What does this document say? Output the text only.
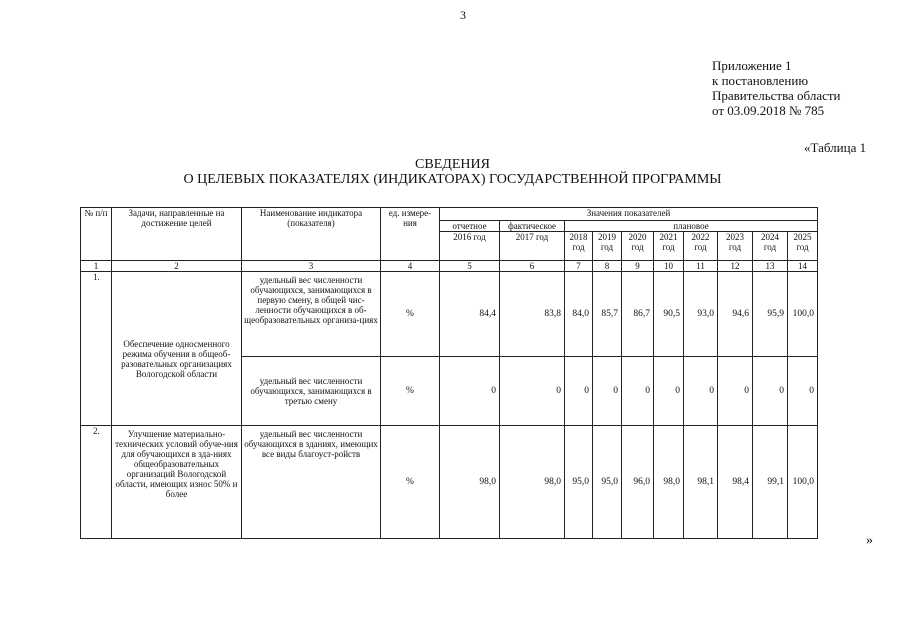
3
Приложение 1
к постановлению
Правительства области
от 03.09.2018 № 785
«Таблица 1
СВЕДЕНИЯ
О ЦЕЛЕВЫХ ПОКАЗАТЕЛЯХ (ИНДИКАТОРАХ) ГОСУДАРСТВЕННОЙ ПРОГРАММЫ
№ п/п	Задачи, направленные на достижение целей	Наименование индикатора (показателя)	ед. измере-ния	Значения показателей									
				отчетное	фактическое	плановое							
				2016 год	2017 год	2018 год	2019 год	2020 год	2021 год	2022 год	2023 год	2024 год	2025 год
1	2	3	4	5	6	7	8	9	10	11	12	13	14
1.	Обеспечение односменного режима обучения в общеоб-разовательных организациях Вологодской области	удельный вес численности обучающихся, занимающихся в первую смену, в общей чис-ленности обучающихся в об-щеобразовательных организа-циях	%	84,4	83,8	84,0	85,7	86,7	90,5	93,0	94,6	95,9	100,0
		удельный вес численности обучающихся, занимающихся в третью смену	%	0	0	0	0	0	0	0	0	0	0
2.	Улучшение материально-технических условий обуче-ния для обучающихся в зда-ниях общеобразовательных организаций Вологодской области, имеющих износ 50% и более	удельный вес численности обучающихся в зданиях, имеющих все виды благоуст-ройств	%	98,0	98,0	95,0	95,0	96,0	98,0	98,1	98,4	99,1	100,0
»
